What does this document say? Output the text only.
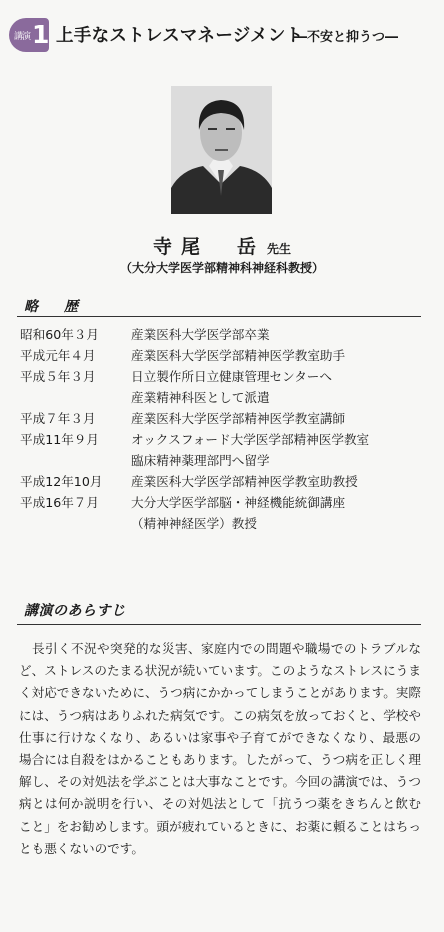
講演 1 上手なストレスマネージメント
―不安と抑うつ―
寺尾　岳 先生
（大分大学医学部精神科神経科教授）
略　歴
昭和60年３月	産業医科大学医学部卒業
平成元年４月	産業医科大学医学部精神医学教室助手
平成５年３月	日立製作所日立健康管理センターへ
産業精神科医として派遣
平成７年３月	産業医科大学医学部精神医学教室講師
平成11年９月	オックスフォード大学医学部精神医学教室
臨床精神薬理部門へ留学
平成12年10月 産業医科大学医学部精神医学教室助教授
平成16年７月	大分大学医学部脳・神経機能統御講座
（精神神経医学）教授
講演のあらすじ

長引く不況や突発的な災害、家庭内での問題や職場でのトラブルなど、ストレスのたまる状況が続いています。このようなストレスにうまく対応できないために、うつ病にかかってしまうことがあります。実際には、うつ病はありふれた病気です。この病気を放っておくと、学校や仕事に行けなくなり、あるいは家事や子育てができなくなり、最悪の場合には自殺をはかることもあります。したがって、うつ病を正しく理解し、その対処法を学ぶことは大事なことです。今回の講演では、うつ病とは何か説明を行い、その対処法として「抗うつ薬をきちんと飲むこと」をお勧めします。頭が疲れているときに、お薬に頼ることはちっとも悪くないのです。
